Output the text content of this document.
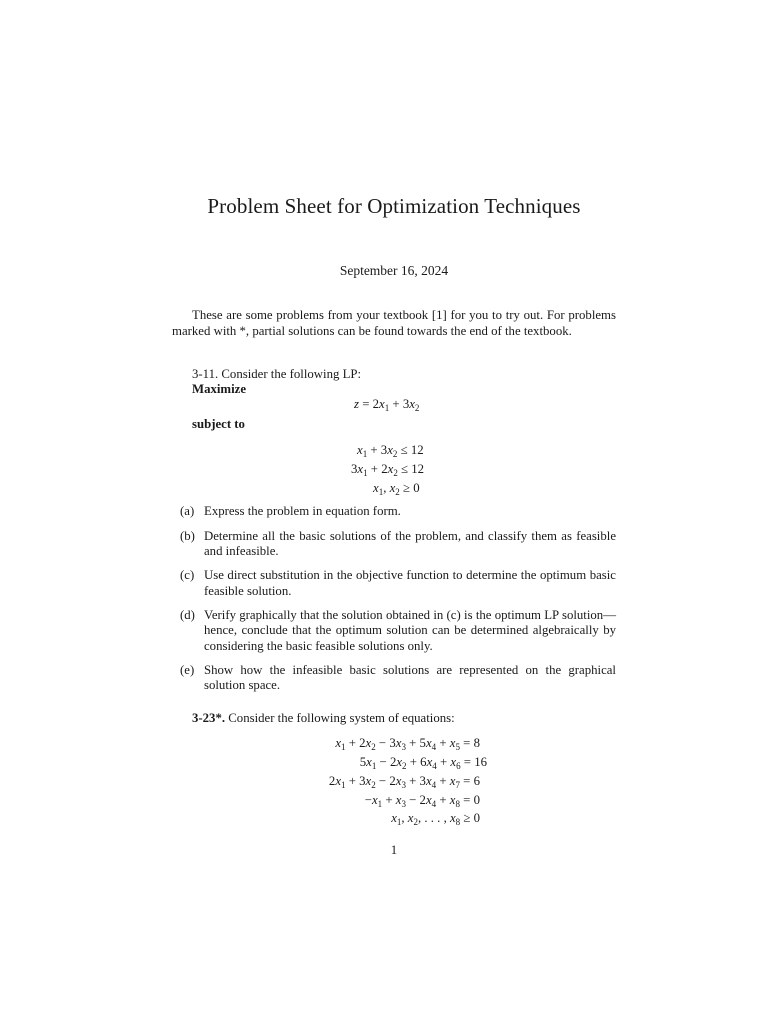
Problem Sheet for Optimization Techniques
September 16, 2024

These are some problems from your textbook [1] for you to try out. For problems marked with *, partial solutions can be found towards the end of the textbook.

3-11. Consider the following LP:
Maximize
$z = 2x_1 + 3x_2$
subject to
$x_1 + 3x_2 \le 12$
$3x_1 + 2x_2 \le 12$
$x_1$, $x_2 \ge 0$
(a) Express the problem in equation form.
(b) Determine all the basic solutions of the problem, and classify them as feasible and infeasible.
(c) Use direct substitution in the objective function to determine the optimum basic feasible solution.
(d) Verify graphically that the solution obtained in (c) is the optimum LP solution—hence, conclude that the optimum solution can be determined algebraically by considering the basic feasible solutions only.
(e) Show how the infeasible basic solutions are represented on the graphical solution space.
3-23*. Consider the following system of equations:
$x_1 + 2x_2 - 3x_3 + 5x_4 + x_5 = 8$
$5x_1 - 2x_2 + 6x_4 + x_6 = 16$
$2x_1 + 3x_2 - 2x_3 + 3x_4 + x_7 = 6$
$-x_1 + x_3 - 2x_4 + x_8 = 0$
$x_1$, $x_2$, . . . , $x_8 \ge 0$
1
